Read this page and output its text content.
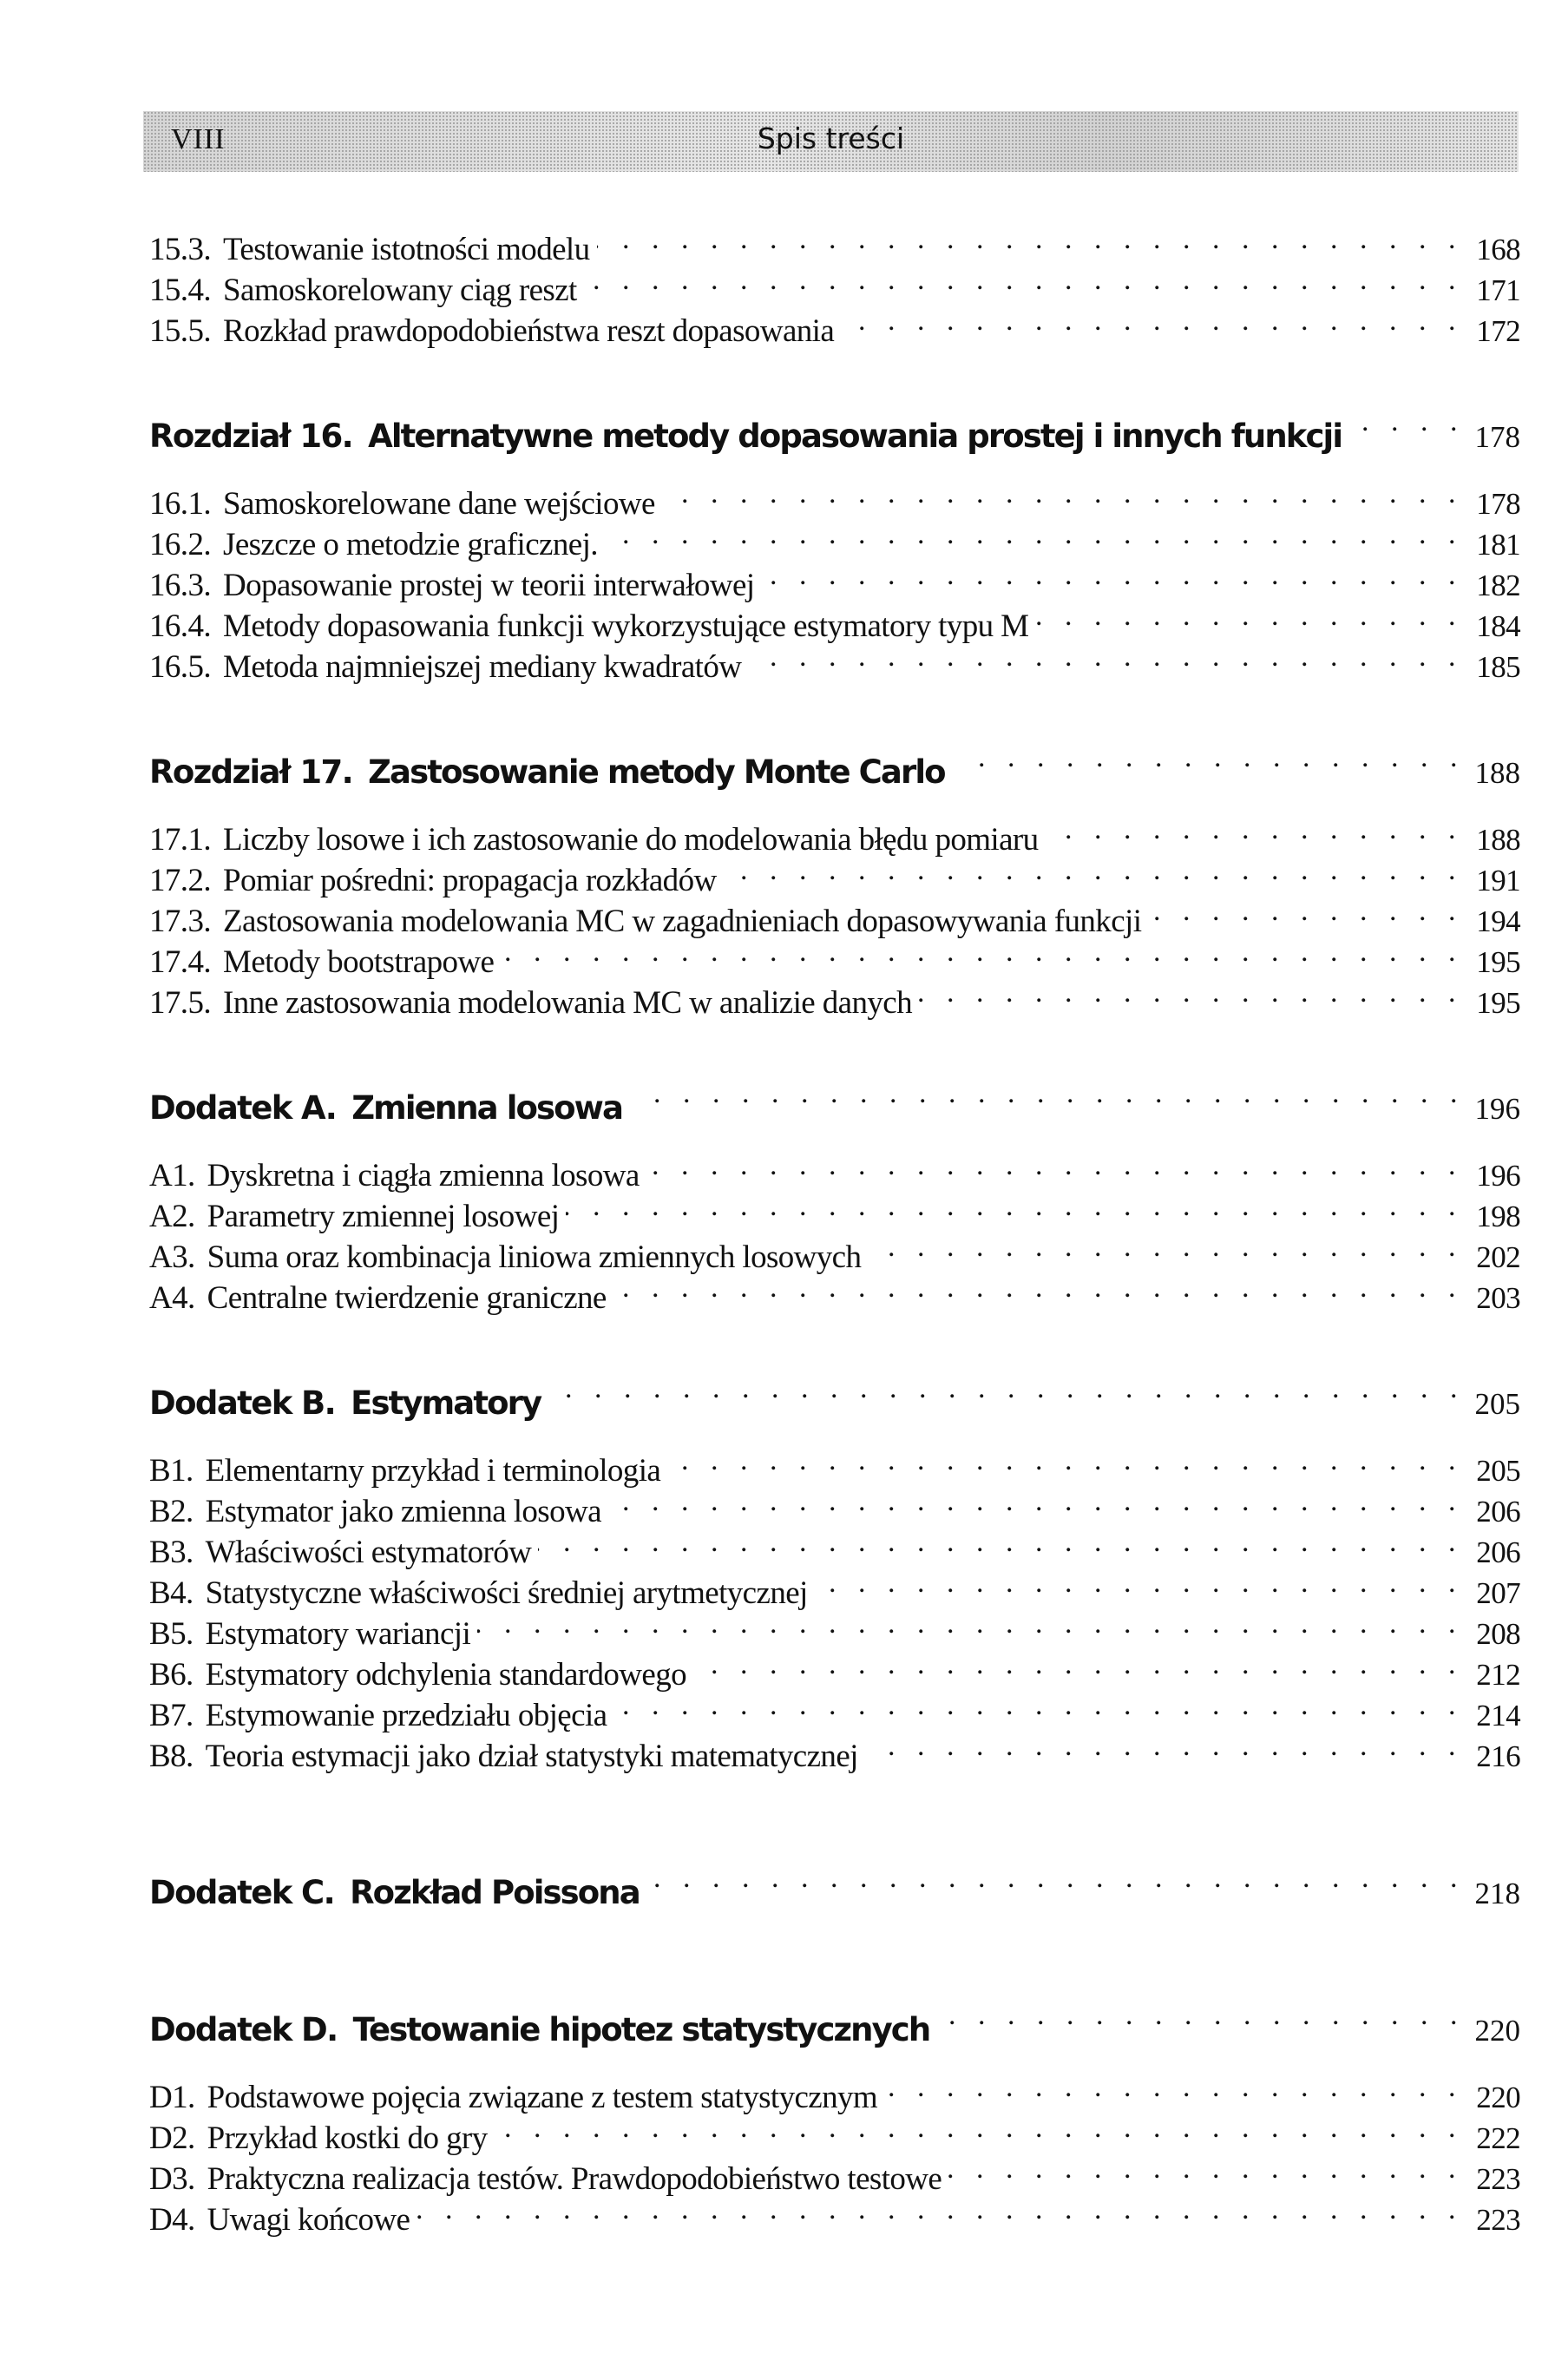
VIII	Spis treści
15.3. Testowanie istotności modelu . . .	168
15.4. Samoskorelowany ciąg reszt . . .	171
15.5. Rozkład prawdopodobieństwa reszt dopasowania . . .	172
Rozdział 16. Alternatywne metody dopasowania prostej i innych funkcji . . .	178
16.1. Samoskorelowane dane wejściowe . . .	178
16.2. Jeszcze o metodzie graficznej. . . .	181
16.3. Dopasowanie prostej w teorii interwałowej . . .	182
16.4. Metody dopasowania funkcji wykorzystujące estymatory typu M . . .	184
16.5. Metoda najmniejszej mediany kwadratów . . .	185
Rozdział 17. Zastosowanie metody Monte Carlo . . .	188
17.1. Liczby losowe i ich zastosowanie do modelowania błędu pomiaru . . .	188
17.2. Pomiar pośredni: propagacja rozkładów . . .	191
17.3. Zastosowania modelowania MC w zagadnieniach dopasowywania funkcji . . .	194
17.4. Metody bootstrapowe . . .	195
17.5. Inne zastosowania modelowania MC w analizie danych . . .	195
Dodatek A. Zmienna losowa . . .	196
A1. Dyskretna i ciągła zmienna losowa . . .	196
A2. Parametry zmiennej losowej . . .	198
A3. Suma oraz kombinacja liniowa zmiennych losowych . . .	202
A4. Centralne twierdzenie graniczne . . .	203
Dodatek B. Estymatory . . .	205
B1. Elementarny przykład i terminologia . . .	205
B2. Estymator jako zmienna losowa . . .	206
B3. Właściwości estymatorów . . .	206
B4. Statystyczne właściwości średniej arytmetycznej . . .	207
B5. Estymatory wariancji . . .	208
B6. Estymatory odchylenia standardowego . . .	212
B7. Estymowanie przedziału objęcia . . .	214
B8. Teoria estymacji jako dział statystyki matematycznej . . .	216
Dodatek C. Rozkład Poissona . . .	218
Dodatek D. Testowanie hipotez statystycznych . . .	220
D1. Podstawowe pojęcia związane z testem statystycznym . . .	220
D2. Przykład kostki do gry . . .	222
D3. Praktyczna realizacja testów. Prawdopodobieństwo testowe . . .	223
D4. Uwagi końcowe . . .	223
